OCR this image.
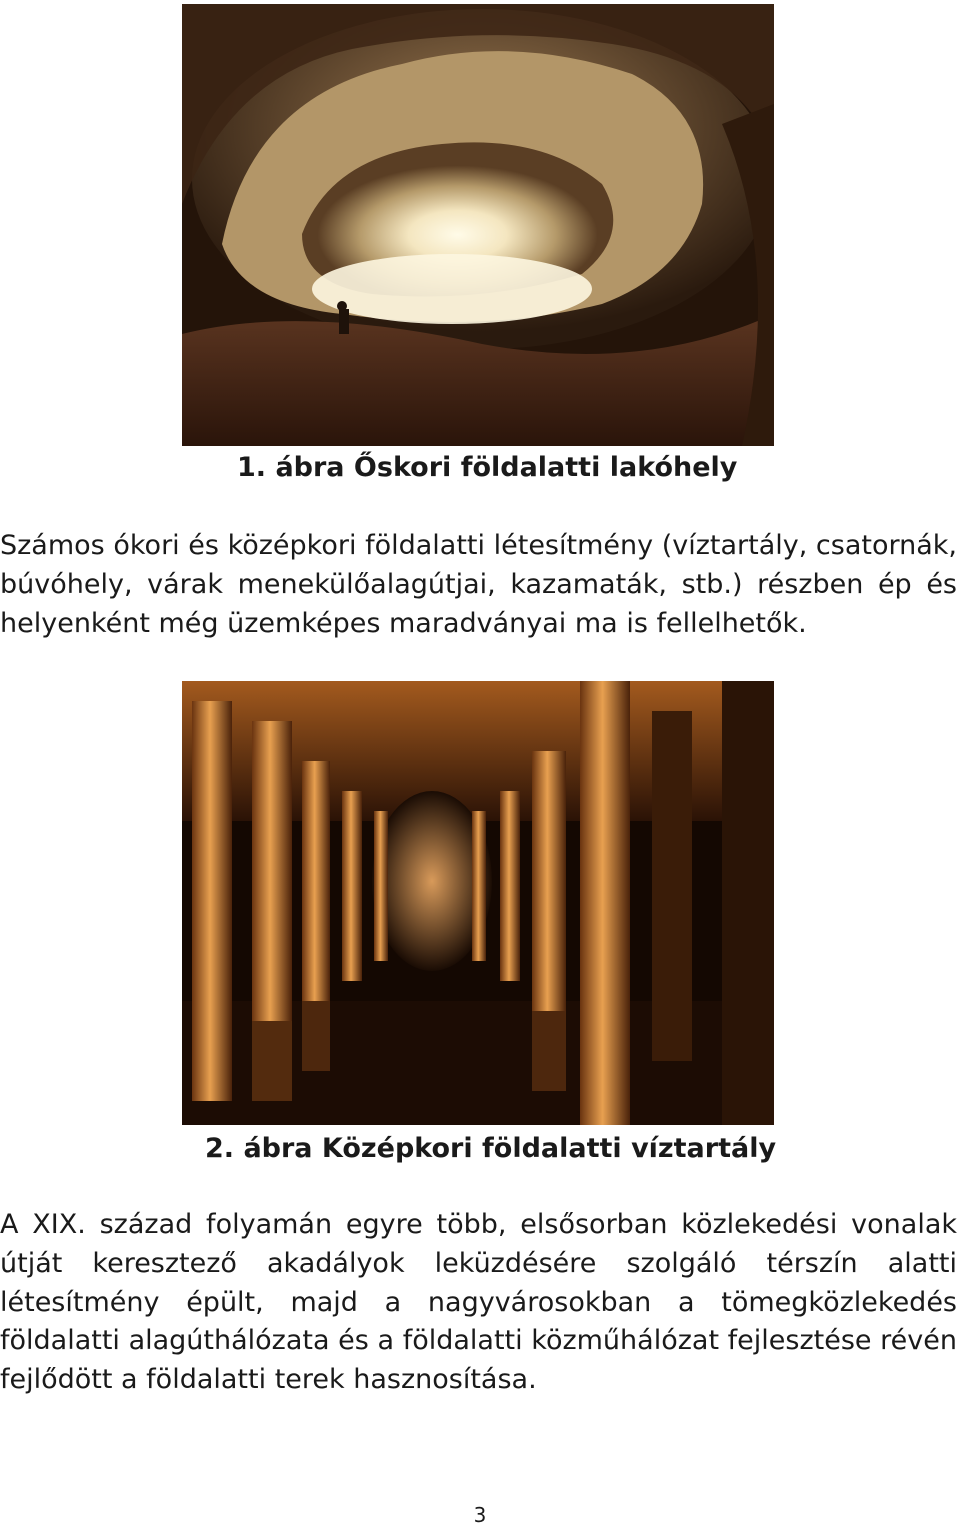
1. ábra Őskori földalatti lakóhely
Számos ókori és középkori földalatti létesítmény (víztartály, csatornák, búvóhely, várak menekülőalagútjai, kazamaták, stb.) részben ép és helyenként még üzemképes maradványai ma is fellelhetők.
2. ábra Középkori földalatti víztartály
A XIX. század folyamán egyre több, elsősorban közlekedési vonalak útját keresztező akadályok leküzdésére szolgáló térszín alatti létesítmény épült, majd a nagyvárosokban a tömegközlekedés földalatti alagúthálózata és a földalatti közműhálózat fejlesztése révén fejlődött a földalatti terek hasznosítása.
3
